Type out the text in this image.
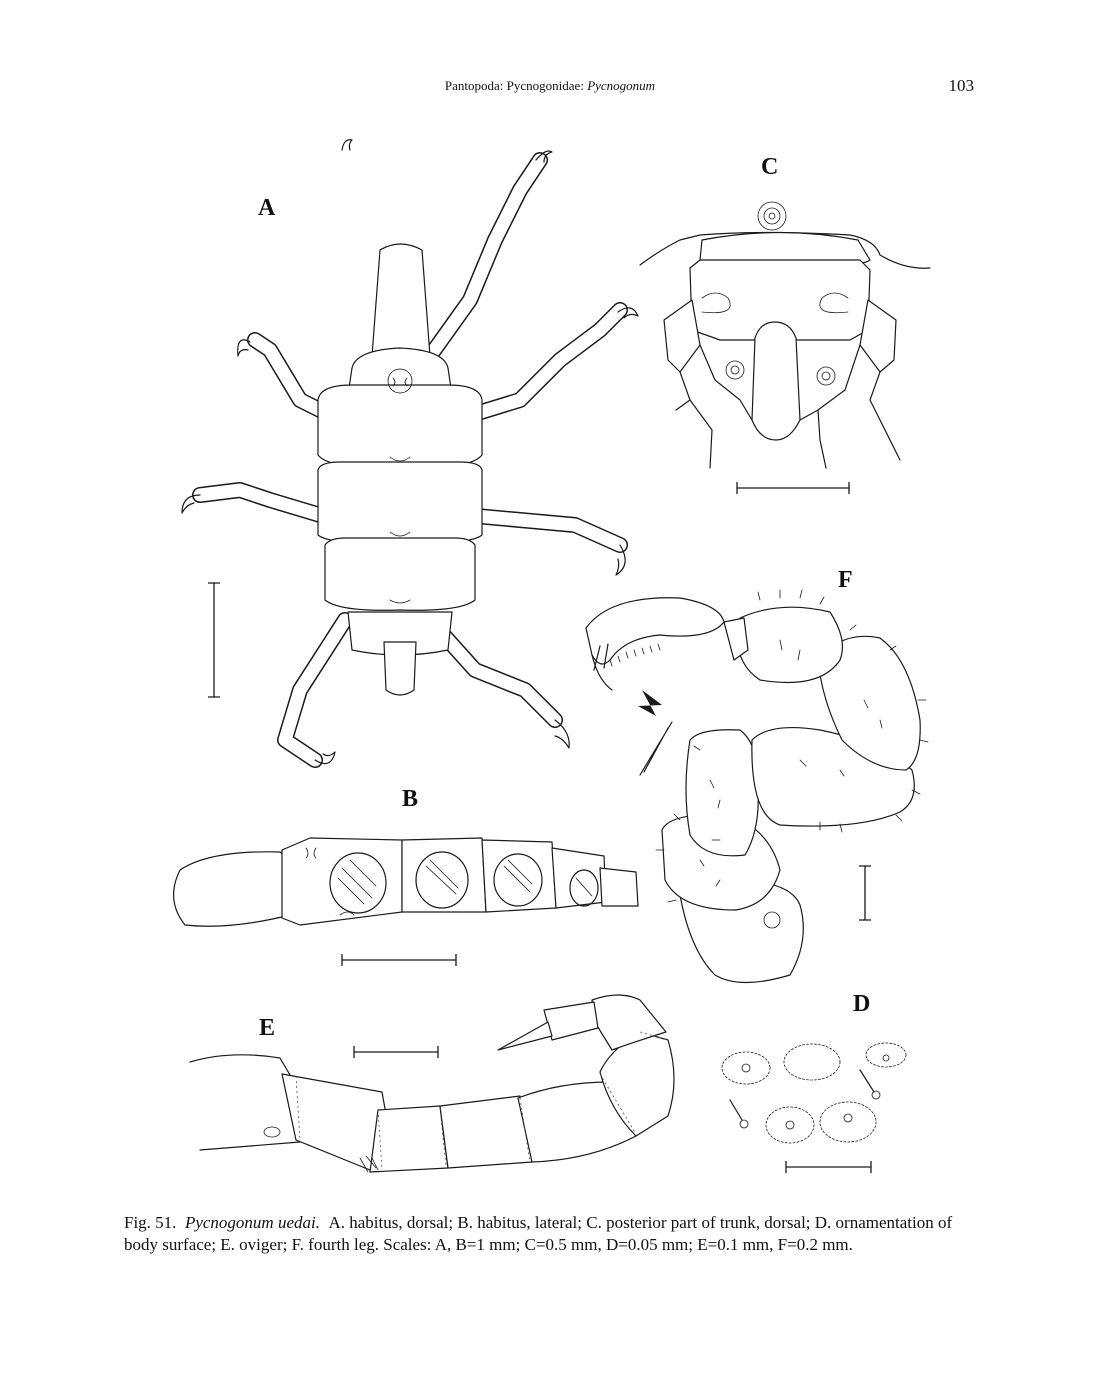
Pantopoda: Pycnogonidae: Pycnogonum	103
A
C
F
B
D
E
Fig. 51. Pycnogonum uedai. A. habitus, dorsal; B. habitus, lateral; C. posterior part of trunk, dorsal; D. ornamentation of body surface; E. oviger; F. fourth leg. Scales: A, B=1 mm; C=0.5 mm, D=0.05 mm; E=0.1 mm, F=0.2 mm.
